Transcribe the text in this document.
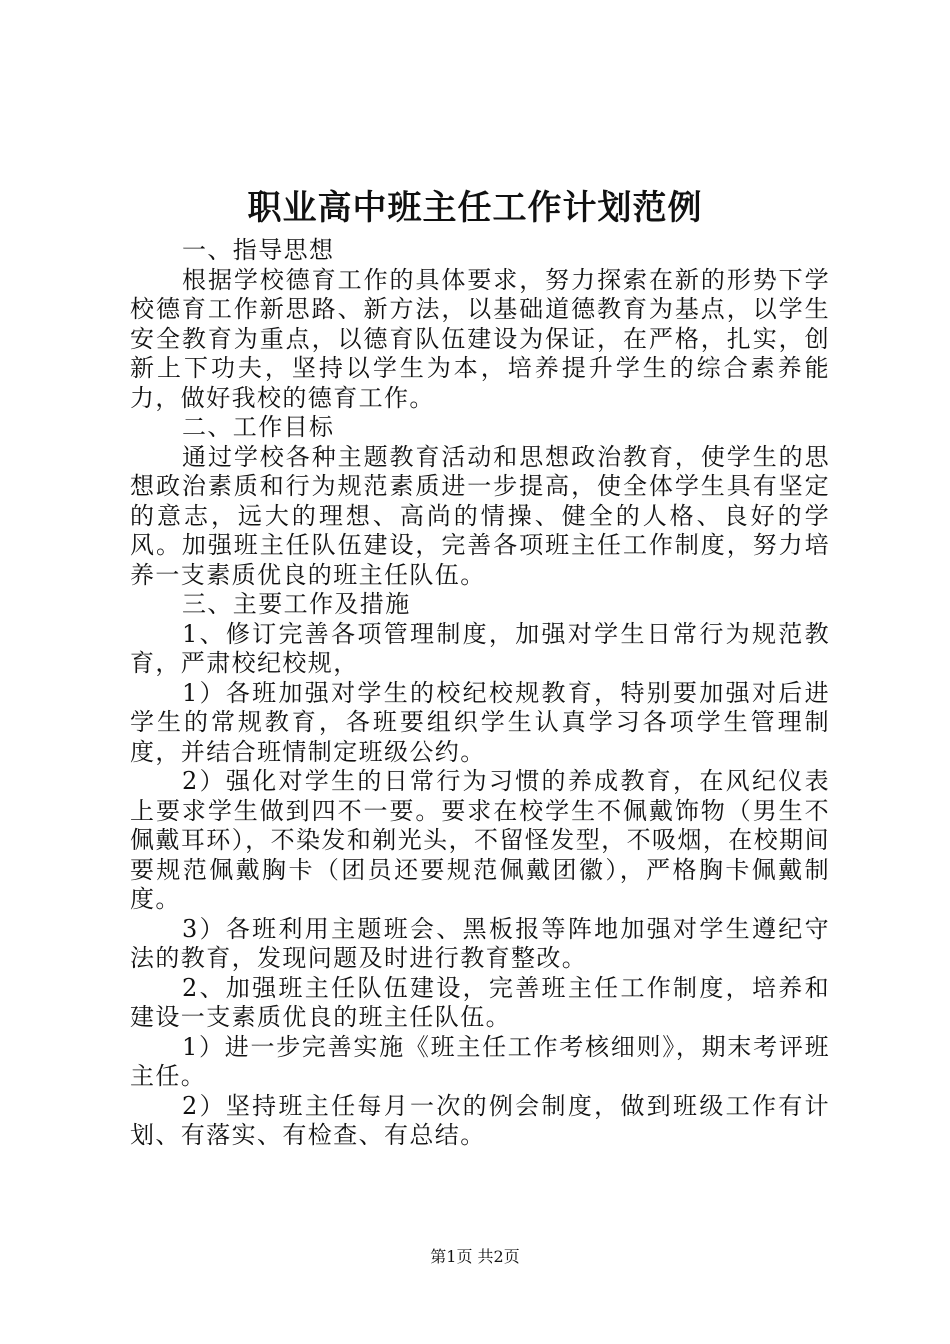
职业高中班主任工作计划范例

一、指导思想

根据学校德育工作的具体要求，努力探索在新的形势下学校德育工作新思路、新方法，以基础道德教育为基点，以学生安全教育为重点，以德育队伍建设为保证，在严格，扎实，创新上下功夫，坚持以学生为本，培养提升学生的综合素养能力，做好我校的德育工作。

二、工作目标

通过学校各种主题教育活动和思想政治教育，使学生的思想政治素质和行为规范素质进一步提高，使全体学生具有坚定的意志，远大的理想、高尚的情操、健全的人格、良好的学风。加强班主任队伍建设，完善各项班主任工作制度，努力培养一支素质优良的班主任队伍。

三、主要工作及措施

1、修订完善各项管理制度，加强对学生日常行为规范教育，严肃校纪校规，

1）各班加强对学生的校纪校规教育，特别要加强对后进学生的常规教育，各班要组织学生认真学习各项学生管理制度，并结合班情制定班级公约。

2）强化对学生的日常行为习惯的养成教育，在风纪仪表上要求学生做到四不一要。要求在校学生不佩戴饰物（男生不佩戴耳环），不染发和剃光头，不留怪发型，不吸烟，在校期间要规范佩戴胸卡（团员还要规范佩戴团徽），严格胸卡佩戴制度。

3）各班利用主题班会、黑板报等阵地加强对学生遵纪守法的教育，发现问题及时进行教育整改。

2、加强班主任队伍建设，完善班主任工作制度，培养和建设一支素质优良的班主任队伍。

1）进一步完善实施《班主任工作考核细则》，期末考评班主任。

2）坚持班主任每月一次的例会制度，做到班级工作有计划、有落实、有检查、有总结。

第1页 共2页
